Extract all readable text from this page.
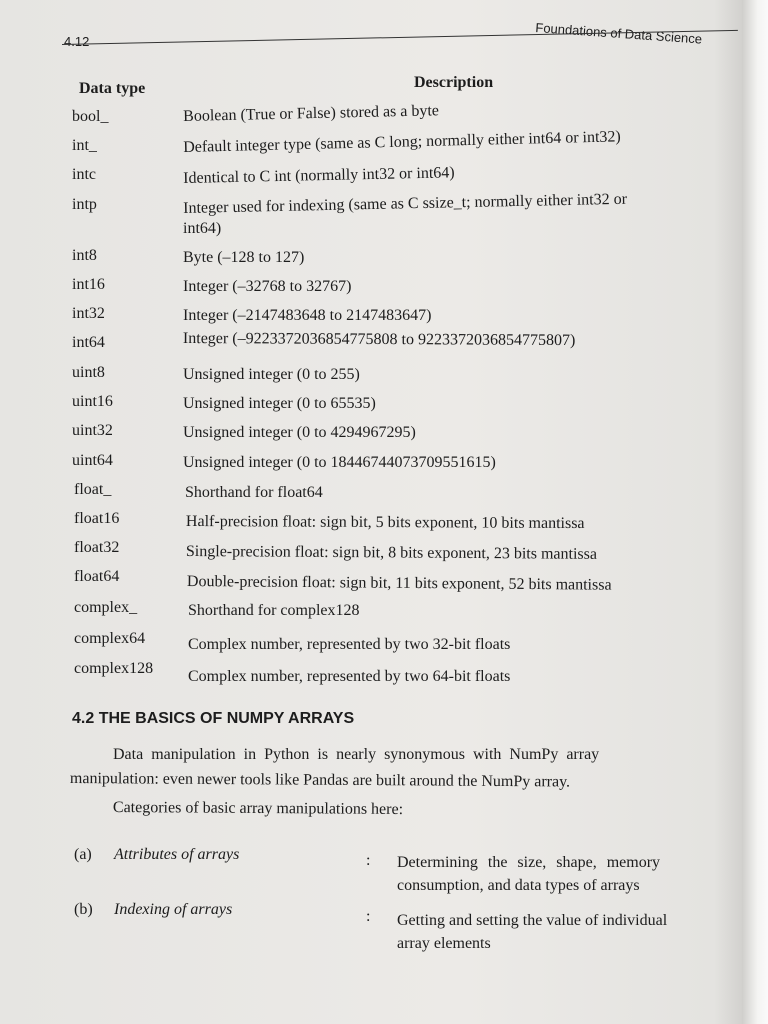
4.12	Foundations of Data Science
Data type	Description
bool_	Boolean (True or False) stored as a byte
int_	Default integer type (same as C long; normally either int64 or int32)
intc	Identical to C int (normally int32 or int64)
intp	Integer used for indexing (same as C ssize_t; normally either int32 or
int64)
int8	Byte (–128 to 127)
int16	Integer (–32768 to 32767)
int32	Integer (–2147483648 to 2147483647)
int64	Integer (–9223372036854775808 to 9223372036854775807)
uint8	Unsigned integer (0 to 255)
uint16	Unsigned integer (0 to 65535)
uint32	Unsigned integer (0 to 4294967295)
uint64	Unsigned integer (0 to 18446744073709551615)
float_	Shorthand for float64
float16	Half-precision float: sign bit, 5 bits exponent, 10 bits mantissa
float32	Single-precision float: sign bit, 8 bits exponent, 23 bits mantissa
float64	Double-precision float: sign bit, 11 bits exponent, 52 bits mantissa
complex_	Shorthand for complex128
complex64	Complex number, represented by two 32-bit floats
complex128 Complex number, represented by two 64-bit floats
4.2 THE BASICS OF NUMPY ARRAYS
Data manipulation in Python is nearly synonymous with NumPy array
manipulation: even newer tools like Pandas are built around the NumPy array.
Categories of basic array manipulations here:
(a) Attributes of arrays	: Determining the size, shape, memory
consumption, and data types of arrays
(b) Indexing of arrays	: Getting and setting the value of individual
array elements
